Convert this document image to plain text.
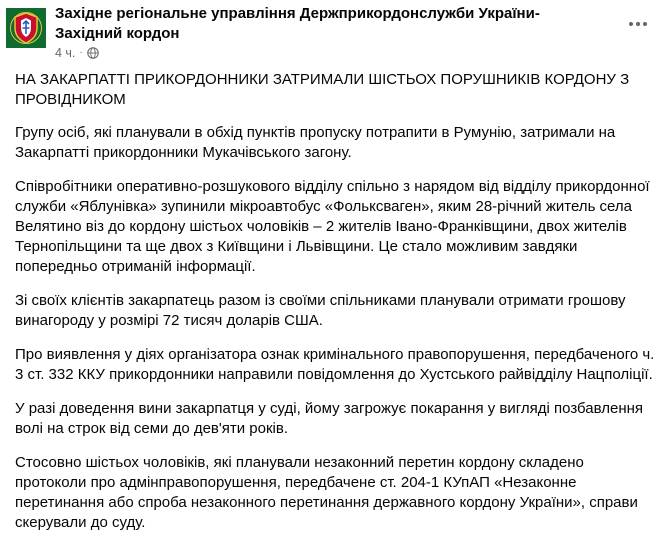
Західне регіональне управління Держприкордонслужби України-Західний кордон
4 ч. ·

НА ЗАКАРПАТТІ ПРИКОРДОННИКИ ЗАТРИМАЛИ ШІСТЬОХ ПОРУШНИКІВ КОРДОНУ З ПРОВІДНИКОМ

Групу осіб, які планували в обхід пунктів пропуску потрапити в Румунію, затримали на Закарпатті прикордонники Мукачівського загону.

Співробітники оперативно-розшукового відділу спільно з нарядом від відділу прикордонної служби «Яблунівка» зупинили мікроавтобус «Фольксваген», яким 28-річний житель села Велятино віз до кордону шістьох чоловіків – 2 жителів Івано-Франківщини, двох жителів Тернопільщини та ще двох з Київщини і Львівщини. Це стало можливим завдяки попередньо отриманій інформації.

Зі своїх клієнтів закарпатець разом із своїми спільниками планували отримати грошову винагороду у розмірі 72 тисяч доларів США.

Про виявлення у діях організатора ознак кримінального правопорушення, передбаченого ч. 3 ст. 332 ККУ прикордонники направили повідомлення до Хустського райвідділу Нацполіції.

У разі доведення вини закарпатця у суді, йому загрожує покарання у вигляді позбавлення волі на строк від семи до дев'яти років.

Стосовно шістьох чоловіків, які планували незаконний перетин кордону складено протоколи про адмінправопорушення, передбачене ст. 204-1 КУпАП «Незаконне перетинання або спроба незаконного перетинання державного кордону України», справи скерували до суду.
